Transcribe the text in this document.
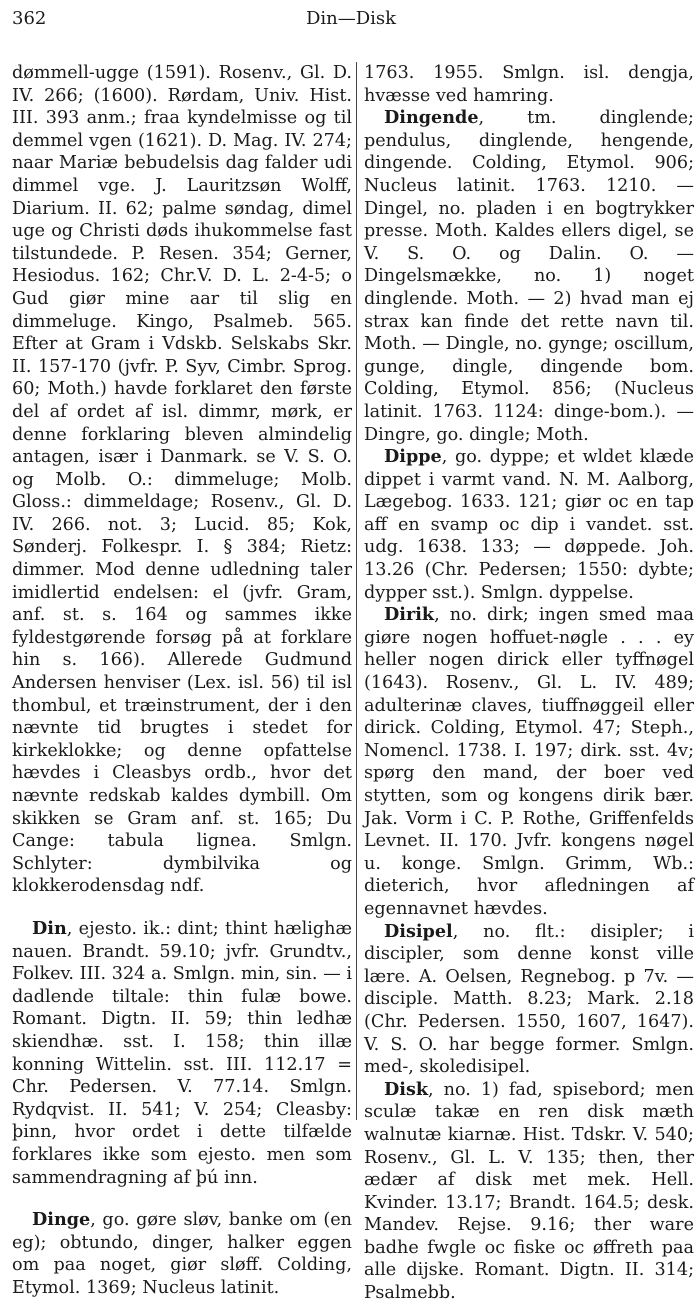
362	Din—Disk

dømmell-ugge (1591). Rosenv., Gl. D. IV. 266; (1600). Rørdam, Univ. Hist. III. 393 anm.; fraa kyndelmisse og til demmel vgen (1621). D. Mag. IV. 274; naar Mariæ bebudelsis dag falder udi dimmel vge. J. Lauritzsøn Wolff, Diarium. II. 62; palme søndag, dimel uge og Christi døds ihukommelse fast tilstundede. P. Resen. 354; Gerner, Hesiodus. 162; Chr.V. D. L. 2-4-5; o Gud giør mine aar til slig en dimmeluge. Kingo, Psalmeb. 565. Efter at Gram i Vdskb. Selskabs Skr. II. 157-170 (jvfr. P. Syv, Cimbr. Sprog. 60; Moth.) havde forklaret den første del af ordet af isl. dimmr, mørk, er denne forklaring bleven almindelig antagen, især i Danmark. se V. S. O. og Molb. O.: dimmeluge; Molb. Gloss.: dimmeldage; Rosenv., Gl. D. IV. 266. not. 3; Lucid. 85; Kok, Sønderj. Folkespr. I. § 384; Rietz: dimmer. Mod denne udledning taler imidlertid endelsen: el (jvfr. Gram, anf. st. s. 164 og sammes ikke fyldestgørende forsøg på at forklare hin s. 166). Allerede Gudmund Andersen henviser (Lex. isl. 56) til isl thombul, et træinstrument, der i den nævnte tid brugtes i stedet for kirkeklokke; og denne opfattelse hævdes i Cleasbys ordb., hvor det nævnte redskab kaldes dymbill. Om skikken se Gram anf. st. 165; Du Cange: tabula lignea. Smlgn. Schlyter: dymbilvika og klokkerodensdag ndf.

Din, ejesto. ik.: dint; thint hælighæ nauen. Brandt. 59.10; jvfr. Grundtv., Folkev. III. 324 a. Smlgn. min, sin. — i dadlende tiltale: thin fulæ bowe. Romant. Digtn. II. 59; thin ledhæ skiendhæ. sst. I. 158; thin illæ konning Wittelin. sst. III. 112.17 = Chr. Pedersen. V. 77.14. Smlgn. Rydqvist. II. 541; V. 254; Cleasby: þinn, hvor ordet i dette tilfælde forklares ikke som ejesto. men som sammendragning af þú inn.

Dinge, go. gøre sløv, banke om (en eg); obtundo, dinger, halker eggen om paa noget, giør sløff. Colding, Etymol. 1369; Nucleus latinit.

1763. 1955. Smlgn. isl. dengja, hvæsse ved hamring.

Dingende, tm. dinglende; pendulus, dinglende, hengende, dingende. Colding, Etymol. 906; Nucleus latinit. 1763. 1210. — Dingel, no. pladen i en bogtrykker presse. Moth. Kaldes ellers digel, se V. S. O. og Dalin. O. — Dingelsmække, no. 1) noget dinglende. Moth. — 2) hvad man ej strax kan finde det rette navn til. Moth. — Dingle, no. gynge; oscillum, gunge, dingle, dingende bom. Colding, Etymol. 856; (Nucleus latinit. 1763. 1124: dinge-bom.). — Dingre, go. dingle; Moth.

Dippe, go. dyppe; et wldet klæde dippet i varmt vand. N. M. Aalborg, Lægebog. 1633. 121; giør oc en tap aff en svamp oc dip i vandet. sst. udg. 1638. 133; — døppede. Joh. 13.26 (Chr. Pedersen; 1550: dybte; dypper sst.). Smlgn. dyppelse.

Dirik, no. dirk; ingen smed maa giøre nogen hoffuet-nøgle . . . ey heller nogen dirick eller tyffnøgel (1643). Rosenv., Gl. L. IV. 489; adulterinæ claves, tiuffnøggeil eller dirick. Colding, Etymol. 47; Steph., Nomencl. 1738. I. 197; dirk. sst. 4v; spørg den mand, der boer ved stytten, som og kongens dirik bær. Jak. Vorm i C. P. Rothe, Griffenfelds Levnet. II. 170. Jvfr. kongens nøgel u. konge. Smlgn. Grimm, Wb.: dieterich, hvor afledningen af egennavnet hævdes.

Disipel, no. flt.: disipler; i discipler, som denne konst ville lære. A. Oelsen, Regnebog. p 7v. — disciple. Matth. 8.23; Mark. 2.18 (Chr. Pedersen. 1550, 1607, 1647). V. S. O. har begge former. Smlgn. med-, skoledisipel.

Disk, no. 1) fad, spisebord; men sculæ takæ en ren disk mæth walnutæ kiarnæ. Hist. Tdskr. V. 540; Rosenv., Gl. L. V. 135; then, ther ædær af disk met mek. Hell. Kvinder. 13.17; Brandt. 164.5; desk. Mandev. Rejse. 9.16; ther ware badhe fwgle oc fiske oc øffreth paa alle dijske. Romant. Digtn. II. 314; Psalmebb.
